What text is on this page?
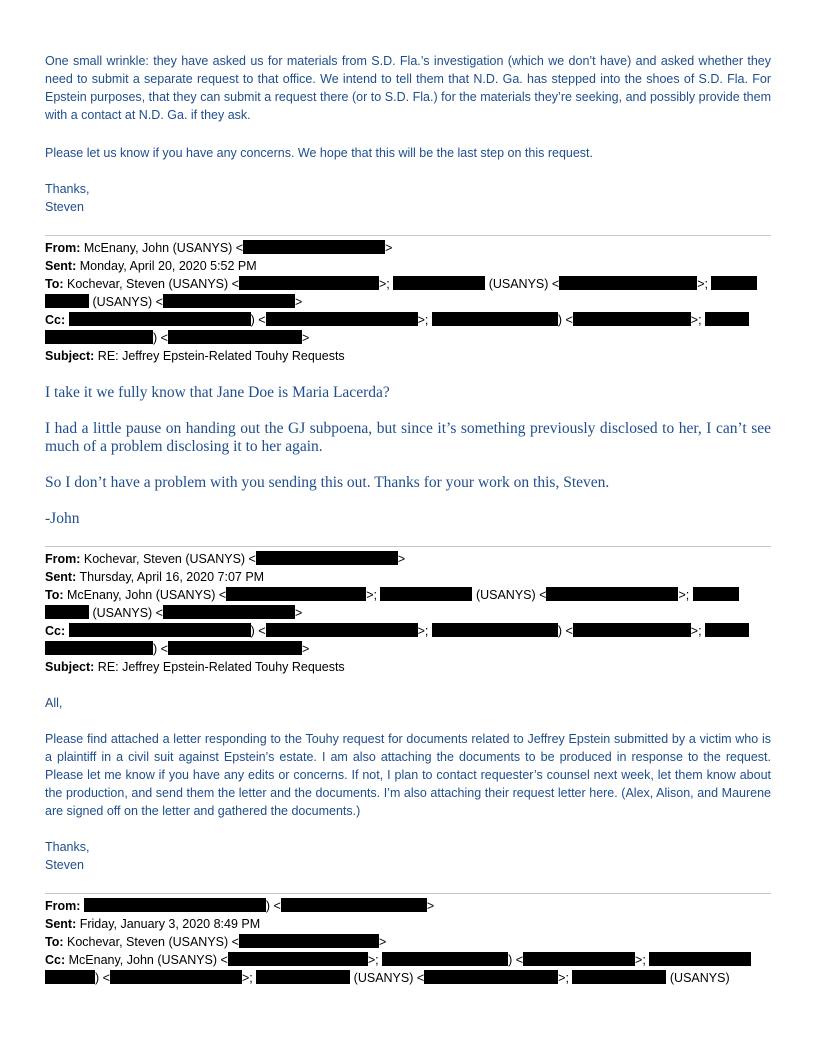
One small wrinkle: they have asked us for materials from S.D. Fla.’s investigation (which we don’t have) and asked whether they need to submit a separate request to that office. We intend to tell them that N.D. Ga. has stepped into the shoes of S.D. Fla. For Epstein purposes, that they can submit a request there (or to S.D. Fla.) for the materials they’re seeking, and possibly provide them with a contact at N.D. Ga. if they ask.
Please let us know if you have any concerns. We hope that this will be the last step on this request.
Thanks,
Steven
From: McEnany, John (USANYS) <	>
Sent: Monday, April 20, 2020 5:52 PM
To: Kochevar, Steven (USANYS) <	>;	(USANYS) <	>;
(USANYS) <	>
Cc:	) <	>;	) <	>;
) <	>
Subject: RE: Jeffrey Epstein-Related Touhy Requests
I take it we fully know that Jane Doe is Maria Lacerda?
I had a little pause on handing out the GJ subpoena, but since it’s something previously disclosed to her, I can’t see much of a problem disclosing it to her again.
So I don’t have a problem with you sending this out. Thanks for your work on this, Steven.
-John
From: Kochevar, Steven (USANYS) <	>
Sent: Thursday, April 16, 2020 7:07 PM
To: McEnany, John (USANYS) <	>;	(USANYS) <	>;
(USANYS) <	>
Cc:	) <	>;	) <	>;
) <	>
Subject: RE: Jeffrey Epstein-Related Touhy Requests
All,
Please find attached a letter responding to the Touhy request for documents related to Jeffrey Epstein submitted by a victim who is a plaintiff in a civil suit against Epstein’s estate. I am also attaching the documents to be produced in response to the request. Please let me know if you have any edits or concerns. If not, I plan to contact requester’s counsel next week, let them know about the production, and send them the letter and the documents. I’m also attaching their request letter here. (Alex, Alison, and Maurene are signed off on the letter and gathered the documents.)
Thanks,
Steven
From:	) <	>
Sent: Friday, January 3, 2020 8:49 PM
To: Kochevar, Steven (USANYS) <	>
Cc: McEnany, John (USANYS) <	>;	) <	>;
) <	>;	(USANYS) <	>;	(USANYS)
